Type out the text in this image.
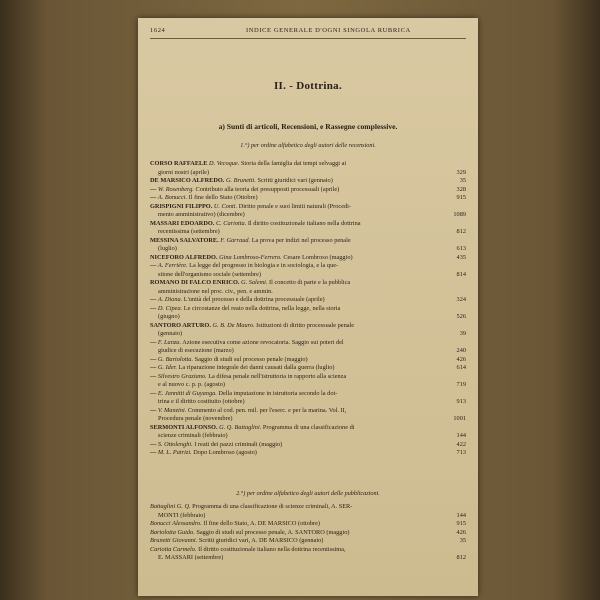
1624	INDICE GENERALE D'OGNI SINGOLA RUBRICA
II. - Dottrina.
a) Sunti di articoli, Recensioni, e Rassegne complessive.
1.°) per ordine alfabetico degli autori delle recensioni.
CORSO RAFFAELE D. Vecoque. Storia della famiglia dai tempi selvaggi ai
giorni nostri (aprile)	329
DE MARSICO ALFREDO. G. Brunetti. Scritti giuridici vari (gennaio)	35
— W. Rosenberg. Contributo alla teoria dei presupposti processuali (aprile)	328
— A. Bonucci. Il fine dello Stato (Ottobre)	915
GRISPIGNI FILIPPO. U. Conti. Diritto penale e suoi limiti naturali (Procedi-
mento amministrativo) (dicembre)	1089
MASSARI EDOARDO. C. Cariotta. Il diritto costituzionale italiano nella dottrina
recentissima (settembre)	812
MESSINA SALVATORE. F. Garraud. La prova per indizi nel processo penale
(luglio)	613
NICEFORO ALFREDO. Gina Lombroso-Ferrero. Cesare Lombroso (maggio)	435
— A. Ferrière. La legge del progresso in biologia e in sociologia, e la que-
stione dell'organismo sociale (settembre)	814
ROMANO DI FALCO ENRICO. G. Salemi. Il concetto di parte e la pubblica
amministrazione nel proc. civ., pen. e ammin.
— A. Diana. L'unità del processo e della dottrina processuale (aprile)	324
— D. Cipea. Le circostanze del reato nella dottrina, nella legge, nella storia
(giugno)	526
SANTORO ARTURO. G. B. De Mauro. Istituzioni di diritto processuale penale
(gennaio)	39
— F. Lanza. Azione esecutiva come azione revocatoria. Saggio sui poteri del
giudice di esecuzione (marzo)	240
— G. Bartolotta. Saggio di studi sul processo penale (maggio)	426
— G. Ider. La riparazione integrale dei danni causati dalla guerra (luglio)	614
— Silvestro Graziano. La difesa penale nell'istruttoria in rapporto alla scienza
e al nuovo c. p. p. (agosto)	719
— E. Jannitti di Guyanga. Della imputazione in istruttoria secondo la dot-
trina e il diritto costituito (ottobre)	913
— V. Manzini. Commento al cod. pen. mil. per l'eserc. e per la marina. Vol. II,
Procedura penale (novembre)	1001
SERMONTI ALFONSO. G. Q. Battaglini. Programma di una classificazione di
scienze criminali (febbraio)	144
— S. Ottolenghi. I reati dei pazzi criminali (maggio)	422
— M. L. Patrizi. Dopo Lombroso (agosto)	713
2.°) per ordine alfabetico degli autori delle pubblicazioni.
Battaglini G. Q. Programma di una classificazione di scienze criminali, A. SER-
MONTI (febbraio)	144
Bonucci Alessandro. Il fine dello Stato, A. DE MARSICO (ottobre)	915
Bartolotta Guido. Saggio di studi sul processo penale, A. SANTORO (maggio)	426
Brunetti Giovanni. Scritti giuridici vari, A. DE MARSICO (gennaio)	35
Cariotta Carmelo. Il diritto costituzionale italiano nella dottrina recentissima,
E. MASSARI (settembre)	812
